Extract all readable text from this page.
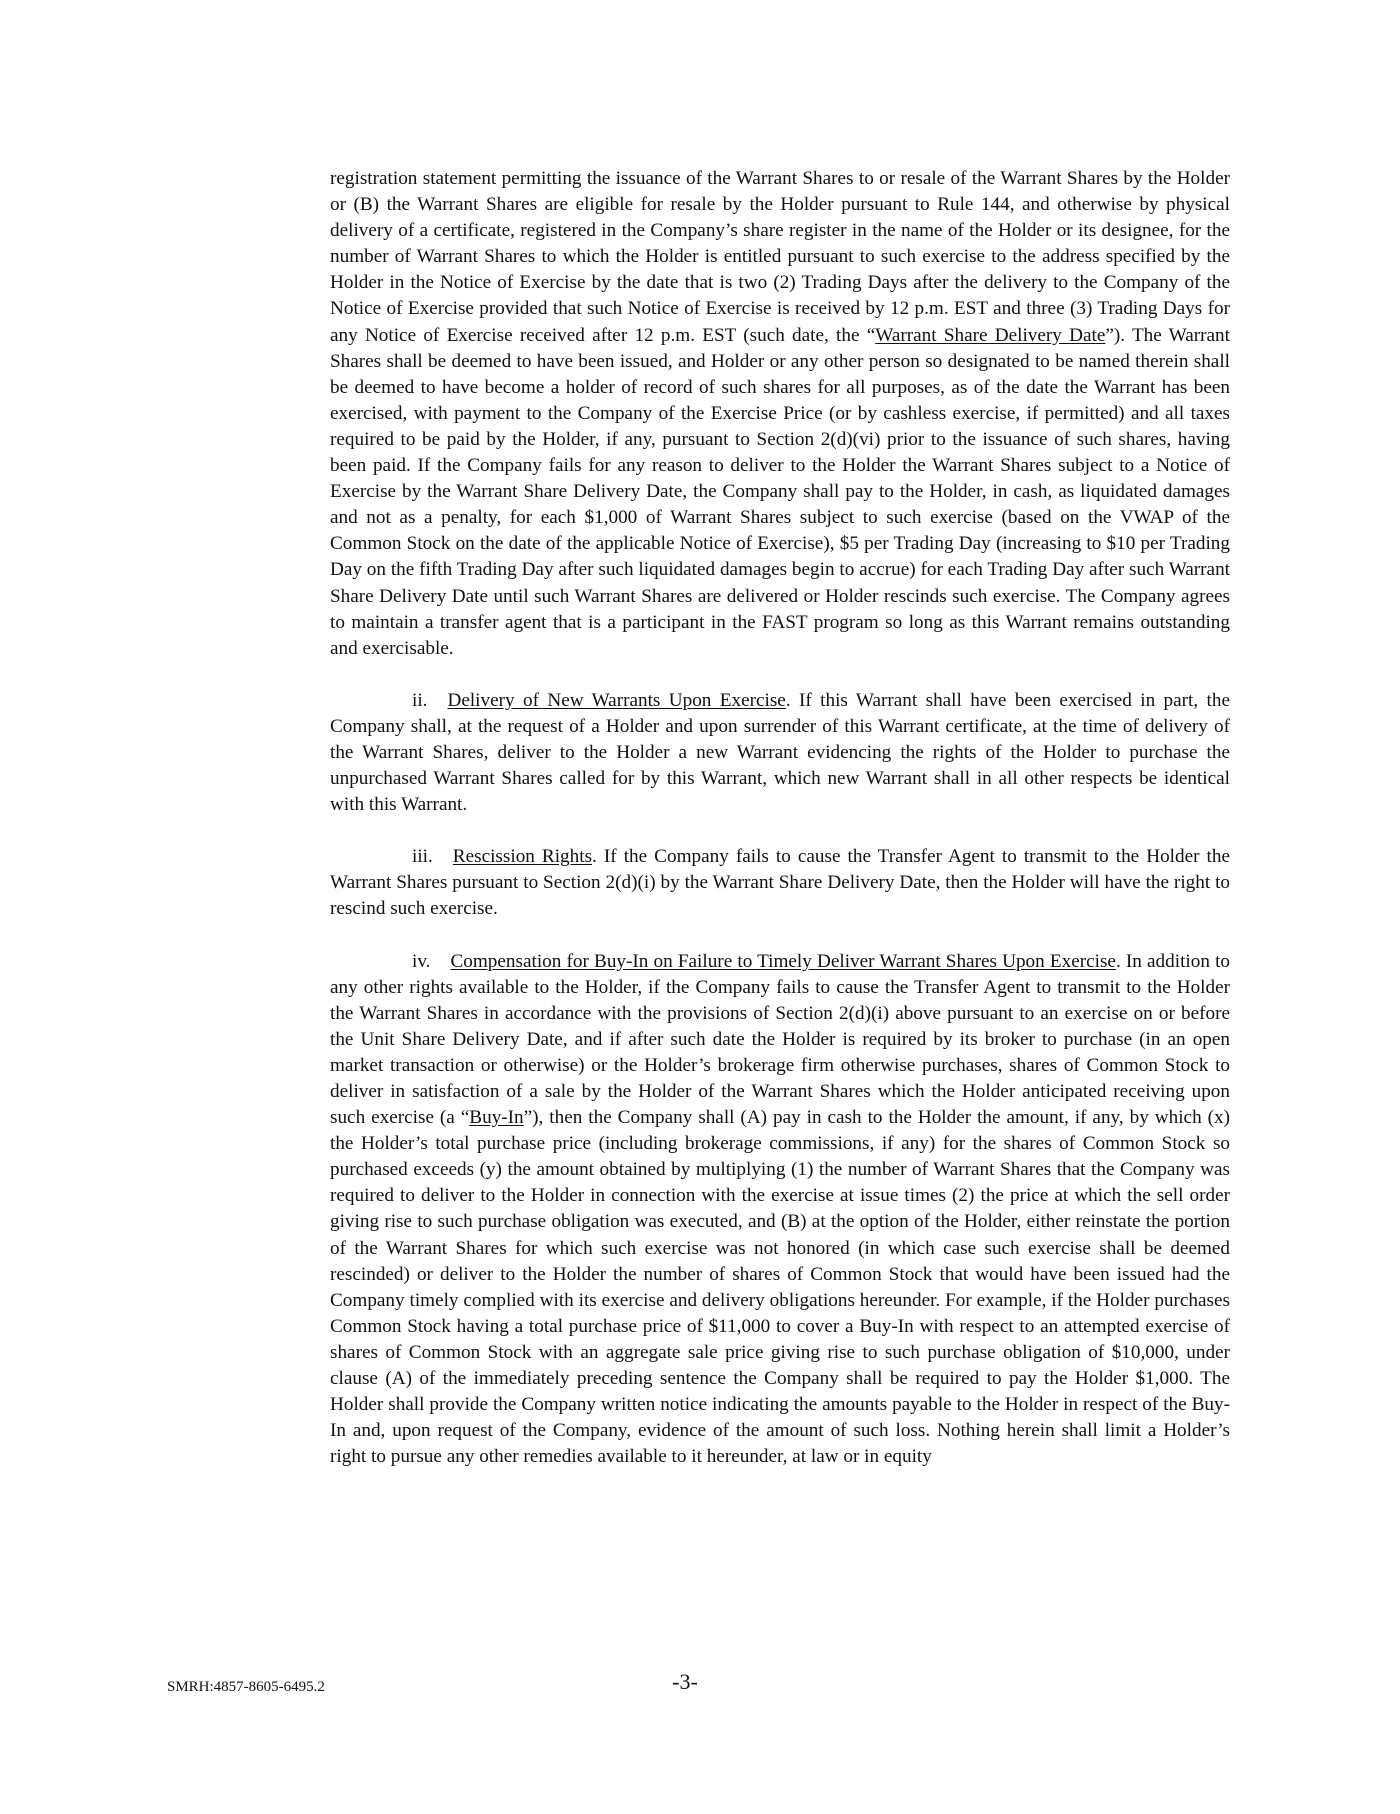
registration statement permitting the issuance of the Warrant Shares to or resale of the Warrant Shares by the Holder or (B) the Warrant Shares are eligible for resale by the Holder pursuant to Rule 144, and otherwise by physical delivery of a certificate, registered in the Company’s share register in the name of the Holder or its designee, for the number of Warrant Shares to which the Holder is entitled pursuant to such exercise to the address specified by the Holder in the Notice of Exercise by the date that is two (2) Trading Days after the delivery to the Company of the Notice of Exercise provided that such Notice of Exercise is received by 12 p.m. EST and three (3) Trading Days for any Notice of Exercise received after 12 p.m. EST (such date, the “Warrant Share Delivery Date”). The Warrant Shares shall be deemed to have been issued, and Holder or any other person so designated to be named therein shall be deemed to have become a holder of record of such shares for all purposes, as of the date the Warrant has been exercised, with payment to the Company of the Exercise Price (or by cashless exercise, if permitted) and all taxes required to be paid by the Holder, if any, pursuant to Section 2(d)(vi) prior to the issuance of such shares, having been paid. If the Company fails for any reason to deliver to the Holder the Warrant Shares subject to a Notice of Exercise by the Warrant Share Delivery Date, the Company shall pay to the Holder, in cash, as liquidated damages and not as a penalty, for each $1,000 of Warrant Shares subject to such exercise (based on the VWAP of the Common Stock on the date of the applicable Notice of Exercise), $5 per Trading Day (increasing to $10 per Trading Day on the fifth Trading Day after such liquidated damages begin to accrue) for each Trading Day after such Warrant Share Delivery Date until such Warrant Shares are delivered or Holder rescinds such exercise. The Company agrees to maintain a transfer agent that is a participant in the FAST program so long as this Warrant remains outstanding and exercisable.

ii. Delivery of New Warrants Upon Exercise. If this Warrant shall have been exercised in part, the Company shall, at the request of a Holder and upon surrender of this Warrant certificate, at the time of delivery of the Warrant Shares, deliver to the Holder a new Warrant evidencing the rights of the Holder to purchase the unpurchased Warrant Shares called for by this Warrant, which new Warrant shall in all other respects be identical with this Warrant.

iii. Rescission Rights. If the Company fails to cause the Transfer Agent to transmit to the Holder the Warrant Shares pursuant to Section 2(d)(i) by the Warrant Share Delivery Date, then the Holder will have the right to rescind such exercise.

iv. Compensation for Buy-In on Failure to Timely Deliver Warrant Shares Upon Exercise. In addition to any other rights available to the Holder, if the Company fails to cause the Transfer Agent to transmit to the Holder the Warrant Shares in accordance with the provisions of Section 2(d)(i) above pursuant to an exercise on or before the Unit Share Delivery Date, and if after such date the Holder is required by its broker to purchase (in an open market transaction or otherwise) or the Holder’s brokerage firm otherwise purchases, shares of Common Stock to deliver in satisfaction of a sale by the Holder of the Warrant Shares which the Holder anticipated receiving upon such exercise (a “Buy-In”), then the Company shall (A) pay in cash to the Holder the amount, if any, by which (x) the Holder’s total purchase price (including brokerage commissions, if any) for the shares of Common Stock so purchased exceeds (y) the amount obtained by multiplying (1) the number of Warrant Shares that the Company was required to deliver to the Holder in connection with the exercise at issue times (2) the price at which the sell order giving rise to such purchase obligation was executed, and (B) at the option of the Holder, either reinstate the portion of the Warrant Shares for which such exercise was not honored (in which case such exercise shall be deemed rescinded) or deliver to the Holder the number of shares of Common Stock that would have been issued had the Company timely complied with its exercise and delivery obligations hereunder. For example, if the Holder purchases Common Stock having a total purchase price of $11,000 to cover a Buy-In with respect to an attempted exercise of shares of Common Stock with an aggregate sale price giving rise to such purchase obligation of $10,000, under clause (A) of the immediately preceding sentence the Company shall be required to pay the Holder $1,000. The Holder shall provide the Company written notice indicating the amounts payable to the Holder in respect of the Buy-In and, upon request of the Company, evidence of the amount of such loss. Nothing herein shall limit a Holder’s right to pursue any other remedies available to it hereunder, at law or in equity

SMRH:4857-8605-6495.2	-3-
